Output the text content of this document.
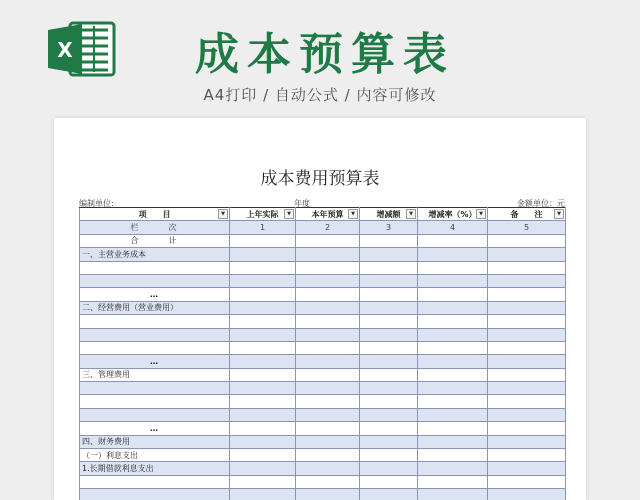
X	成本预算表
A4打印 / 自动公式 / 内容可修改
成本费用预算表
编制单位:	年度	金额单位：元
项　　目 ▼	上年实际 ▼	本年预算 ▼	增减额 ▼	增减率（%） ▼	备　　注 ▼

栏次	1	2	3	4	5
合计					
一、主营业务成本					

…					
二、经营费用（营业费用）					

…					
三、管理费用					

…					
四、财务费用					
（一）利息支出					
1.长期借款利息支出					
